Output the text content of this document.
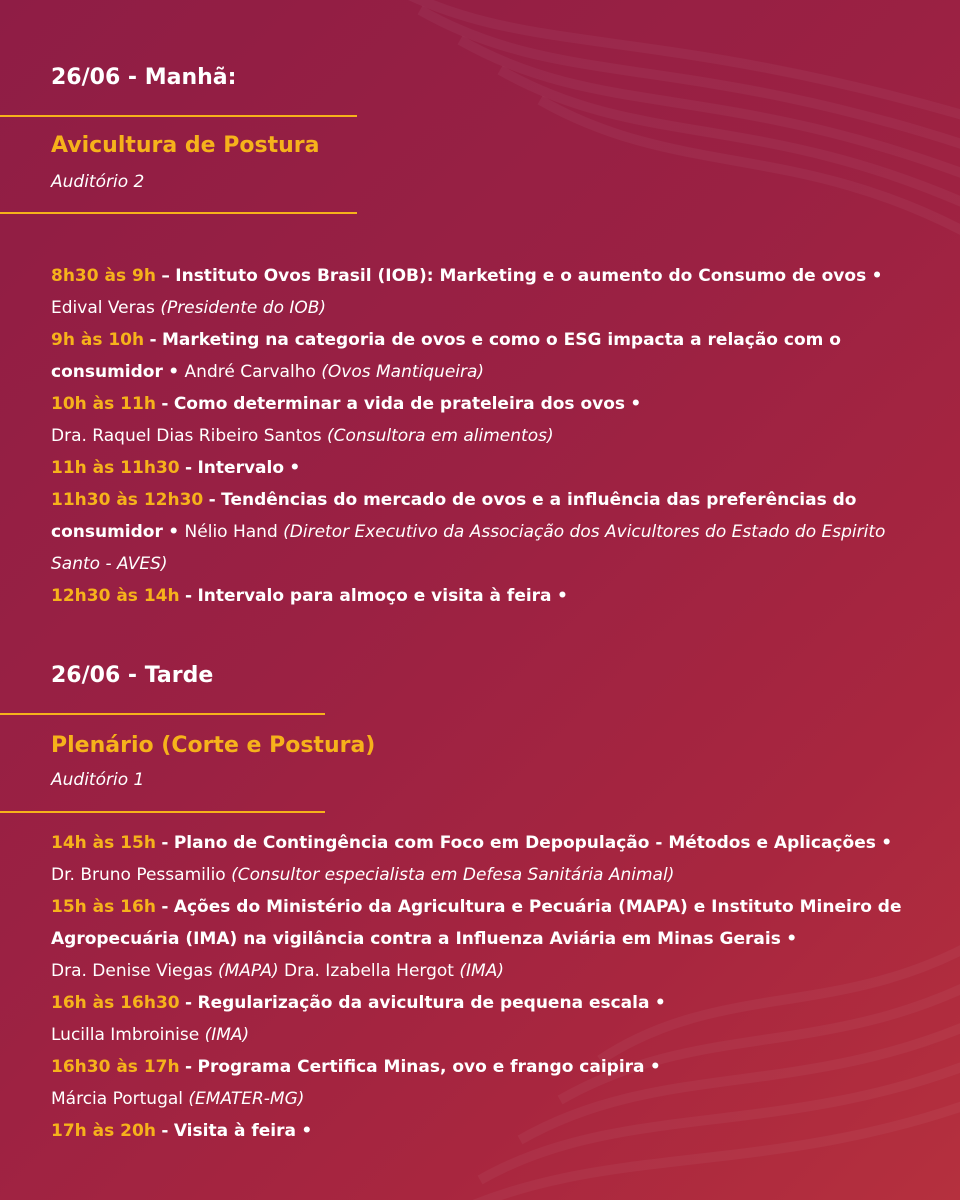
26/06 - Manhã:
Avicultura de Postura
Auditório 2
8h30 às 9h – Instituto Ovos Brasil (IOB): Marketing e o aumento do Consumo de ovos •
Edival Veras (Presidente do IOB)
9h às 10h - Marketing na categoria de ovos e como o ESG impacta a relação com o consumidor • André Carvalho (Ovos Mantiqueira)
10h às 11h - Como determinar a vida de prateleira dos ovos •
Dra. Raquel Dias Ribeiro Santos (Consultora em alimentos)
11h às 11h30 - Intervalo •
11h30 às 12h30 - Tendências do mercado de ovos e a influência das preferências do consumidor • Nélio Hand (Diretor Executivo da Associação dos Avicultores do Estado do Espirito Santo - AVES)
12h30 às 14h - Intervalo para almoço e visita à feira •
26/06 - Tarde
Plenário (Corte e Postura)
Auditório 1
14h às 15h - Plano de Contingência com Foco em Depopulação - Métodos e Aplicações •
Dr. Bruno Pessamilio (Consultor especialista em Defesa Sanitária Animal)
15h às 16h - Ações do Ministério da Agricultura e Pecuária (MAPA) e Instituto Mineiro de Agropecuária (IMA) na vigilância contra a Influenza Aviária em Minas Gerais •
Dra. Denise Viegas (MAPA) Dra. Izabella Hergot (IMA)
16h às 16h30 - Regularização da avicultura de pequena escala •
Lucilla Imbroinise (IMA)
16h30 às 17h - Programa Certifica Minas, ovo e frango caipira •
Márcia Portugal (EMATER-MG)
17h às 20h - Visita à feira •
